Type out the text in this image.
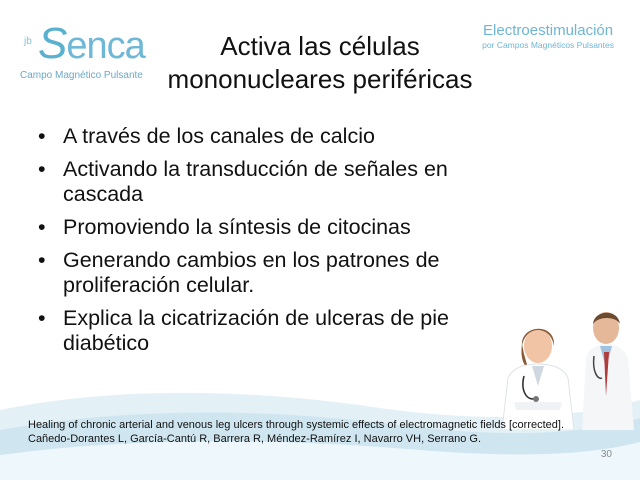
jb Senca
Campo Magnético Pulsante
Electroestimulación
por Campos Magnéticos Pulsantes
Activa las células
mononucleares periféricas
• A través de los canales de calcio
• Activando la transducción de señales en cascada
• Promoviendo la síntesis de citocinas
• Generando cambios en los patrones de proliferación celular.
• Explica la cicatrización de ulceras de pie diabético
Healing of chronic arterial and venous leg ulcers through systemic effects of electromagnetic fields [corrected].
Cañedo-Dorantes L, García-Cantú R, Barrera R, Méndez-Ramírez I, Navarro VH, Serrano G.
30
